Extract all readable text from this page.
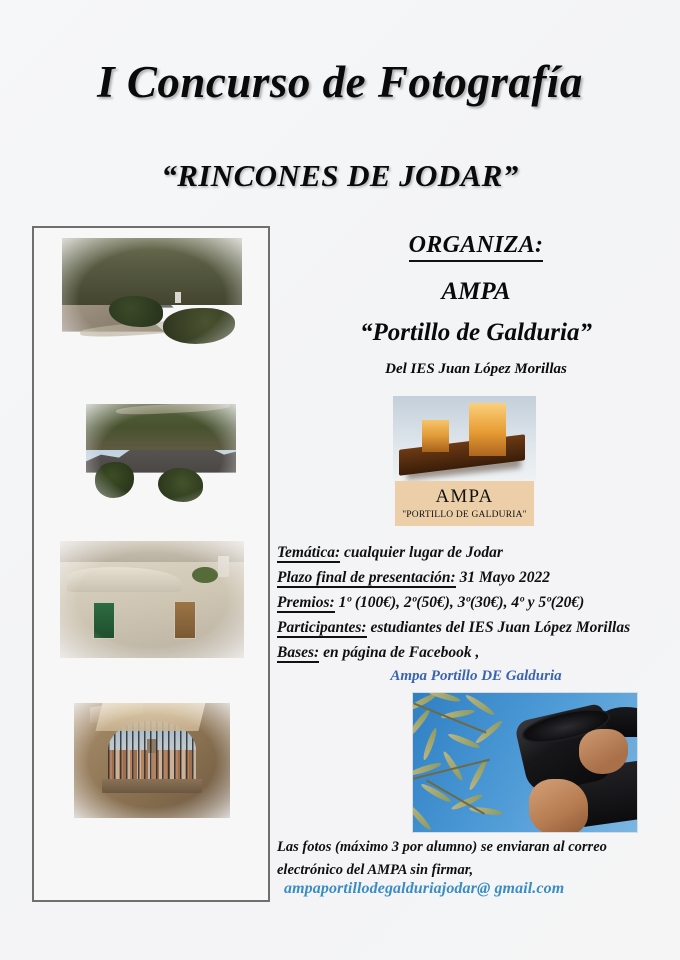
I Concurso de Fotografía
“RINCONES DE JODAR”
ORGANIZA:
AMPA
“Portillo de Galduria”
Del IES Juan López Morillas
AMPA
"PORTILLO DE GALDURIA"
Temática: cualquier lugar de Jodar
Plazo final de presentación: 31 Mayo 2022
Premios: 1º (100€), 2º(50€), 3º(30€), 4º y 5º(20€)
Participantes: estudiantes del IES Juan López Morillas
Bases: en página de Facebook ,
Ampa Portillo DE Galduria
Las fotos (máximo 3 por alumno) se enviaran al correo
electrónico del AMPA sin firmar,
ampaportillodegalduriajodar@ gmail.com
